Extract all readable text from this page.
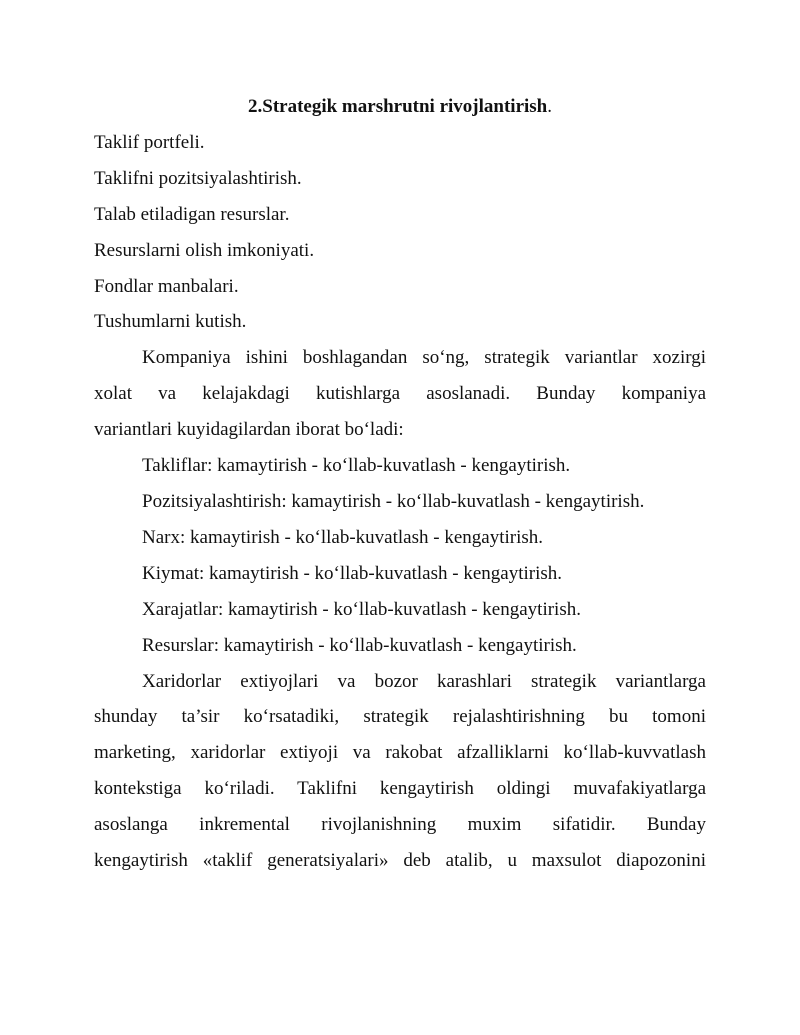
2.Strategik marshrutni rivojlantirish.
Taklif portfeli.
Taklifni pozitsiyalashtirish.
Talab etiladigan resurslar.
Resurslarni olish imkoniyati.
Fondlar manbalari.
Tushumlarni kutish.
Kompaniya ishini boshlagandan so‘ng, strategik variantlar xozirgi
xolat va kelajakdagi kutishlarga asoslanadi. Bunday kompaniya
variantlari kuyidagilardan iborat bo‘ladi:
Takliflar: kamaytirish - ko‘llab-kuvatlash - kengaytirish.
Pozitsiyalashtirish: kamaytirish - ko‘llab-kuvatlash - kengaytirish.
Narx: kamaytirish - ko‘llab-kuvatlash - kengaytirish.
Kiymat: kamaytirish - ko‘llab-kuvatlash - kengaytirish.
Xarajatlar: kamaytirish - ko‘llab-kuvatlash - kengaytirish.
Resurslar: kamaytirish - ko‘llab-kuvatlash - kengaytirish.
Xaridorlar extiyojlari va bozor karashlari strategik variantlarga
shunday ta’sir ko‘rsatadiki, strategik rejalashtirishning bu tomoni
marketing, xaridorlar extiyoji va rakobat afzalliklarni ko‘llab-kuvvatlash
kontekstiga ko‘riladi. Taklifni kengaytirish oldingi muvafakiyatlarga
asoslanga inkremental rivojlanishning muxim sifatidir. Bunday
kengaytirish «taklif generatsiyalari» deb atalib, u maxsulot diapozonini
